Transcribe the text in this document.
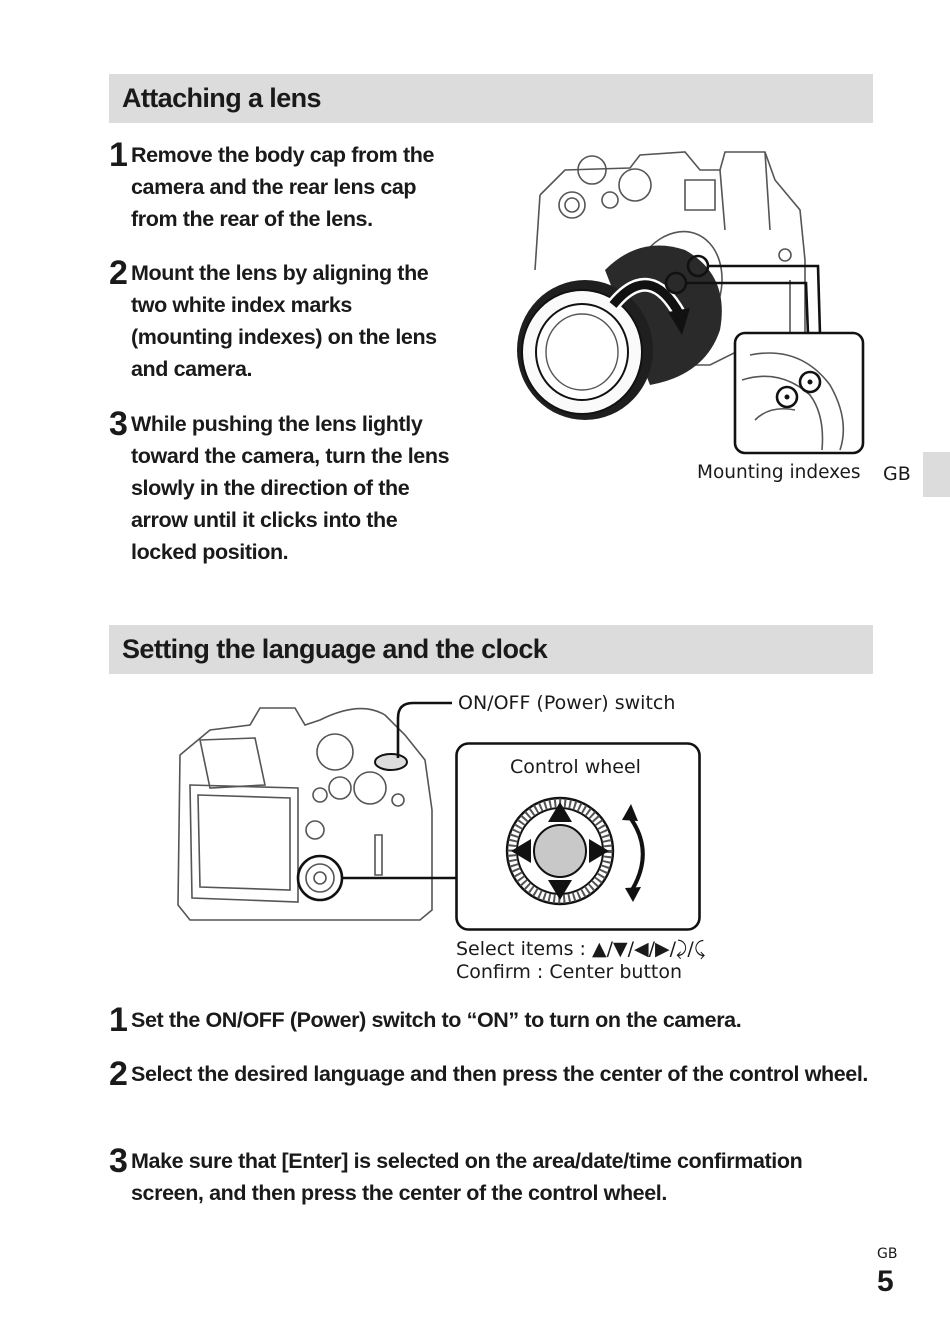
Attaching a lens
1 Remove the body cap from the camera and the rear lens cap from the rear of the lens.
2 Mount the lens by aligning the two white index marks (mounting indexes) on the lens and camera.
3 While pushing the lens lightly toward the camera, turn the lens slowly in the direction of the arrow until it clicks into the locked position.
Mounting indexes GB
Setting the language and the clock
ON/OFF (Power) switch
Control wheel
Select items : ▲/▼/◀/▶/⤸/⤹
Confirm : Center button
1 Set the ON/OFF (Power) switch to “ON” to turn on the camera.
2 Select the desired language and then press the center of the control wheel.
3 Make sure that [Enter] is selected on the area/date/time confirmation screen, and then press the center of the control wheel.
GB
5
